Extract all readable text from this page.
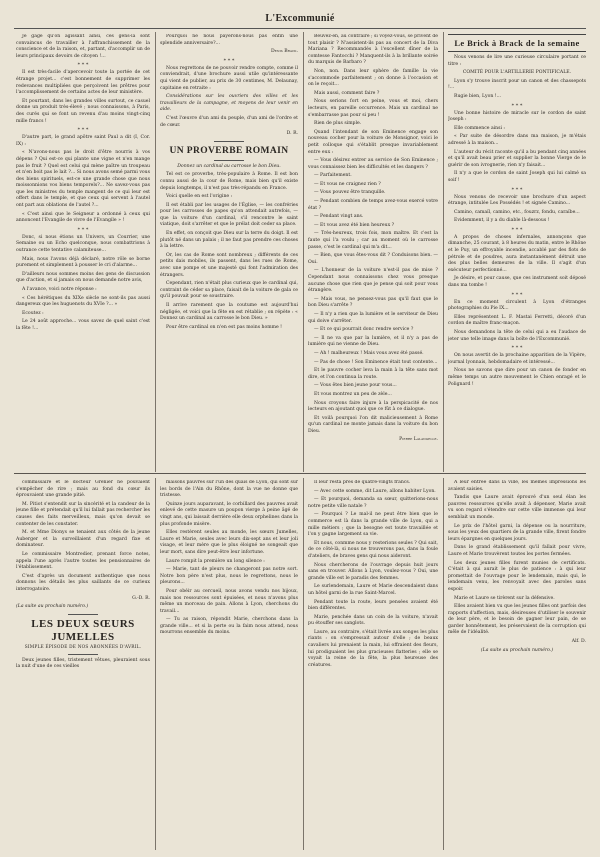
L'Excommunié

Je gage qu'on agissant ainsi, ces gens-là sont convaincus de travailler à l'affranchissement de la conscience et de la raison, et, partant, d'accomplir un de leurs principaux devoirs de citoyen !...

* * *

Il est très-facile d'apercevoir toute la portée de cet étrange projet... c'est bonnement de supprimer les redevances multipliées que perçoivent les prêtres pour l'accomplissement de certains actes de leur ministère.

Et pourtant, dans les grandes villes surtout, ce casuel donne un produit très-élevé ; nous connaissons, à Paris, des curés qui se font un revenu d'au moins vingt-cinq mille francs !

* * *

D'autre part, le grand apôtre saint Paul a dit (I, Cor. IX) :

« N'avons-nous pas le droit d'être nourris à vos dépens ? Qui est-ce qui plante une vigne et n'en mange pas le fruit ? Quel est celui qui mène paître un troupeau et n'en boit pas le lait ?... Si nous avons semé parmi vous des biens spirituels, est-ce une grande chose que nous moissonnions vos biens temporels?... Ne savez-vous pas que les ministres du temple mangent de ce qui leur est offert dans le temple, et que ceux qui servent à l'autel ont part aux oblations de l'autel ?...

« C'est ainsi que le Seigneur a ordonné à ceux qui annoncent l'Evangile de vivre de l'Evangile » !

* * *

Donc, si nous étions un Univers, un Courrier, une Semaine ou un Echo quelconque, nous combattrions à outrance cette tentative calamiteuse...

Mais, nous l'avons déjà déclaré, notre rôle se borne purement et simplement à pousser le cri d'alarme...

D'ailleurs nous sommes moins des gens de discussion que d'action, et si jamais on nous demande notre avis,

A l'avance, voici notre réponse :

« Ces hérétiques du XIXe siècle ne sont-ils pas aussi dangereux que les huguenots du XVIe ?... »

Ecoutez :

Le 24 août approche... vous savez de quel saint c'est la fête !...

Pourquoi ne nous payerons-nous pas enfin une splendide anniversaire?...

Denis Brack.

* * *

Nous regrettons de ne pouvoir rendre compte, comme il conviendrait, d'une brochure aussi utile qu'intéressante qui vient de publier, au prix de 30 centimes, M. Delaunay, capitaine en retraite :

Considérations sur les ouvriers des villes et les travailleurs de la campagne, et moyens de leur venir en aide.

C'est l'œuvre d'un ami du peuple, d'un ami de l'ordre et de cœur.

D. R.

UN PROVERBE ROMAIN

Donnez un cardinal au carrosse le bon Dieu.

Tel est ce proverbe, très-populaire à Rome. Il est bon connu aussi de la cour de Rome, mais bien qu'il existe depuis longtemps, il n'est pas très-répandu en France.

Voici quelle en est l'origine :

Il est établi par les usages de l'Église, — les confréries pour les carrosses de papes qu'on attendait autrefois, — que la voiture d'un cardinal, s'il rencontre le saint viatique, doit s'arrêter et que le prélat doit ceder sa place.

En effet, on conçoit que Dieu sur la terre du doigt. Il est plutôt né dans un palais ; il ne faut pas prendre ces choses à la lettre.

Or, les cas de Rome sont nombreux ; différents de ces petits dais mobiles, ils passent, dans les rues de Rome, avec une pompe et une majesté qui font l'admiration des étrangers.

Cependant, rien n'était plus curieux que le cardinal qui, contraint de céder sa place, faisait de la voiture de gala ce qu'il pouvait pour se soustraire.

Il arrive rarement que la coutume est aujourd'hui négligée, et voici que la fête en est rétablie ; on répète : « Donnez un cardinal au carrosse le bon Dieu. »

Pour être cardinal on n'en est pas moins homme !

Beuvez-en, au contraire ; si voyez-vous, se privent de tout plaisir ? N'assistent-ils pas au concert de la Diva Mariana ? Recommandés à l'excellent dîner de la comtesse Fantocchi ? Manquent-ils à la brillante soirée du marquis de Barbaro ?

Non, non. Dans leur sphère de famille la vie s'accommode parfaitement ; on donne à l'occasion et on le reçoit...

Mais aussi, comment faire ?

Nous serions fort en peine, vous et moi, chers lecteurs, en pareille occurrence. Mais un cardinal ne s'embarrasse pas pour si peu !

Rien de plus simple.

Quand l'intendant de son Eminence engage son nouveau cocher pour la voiture de Monsignor, voici le petit colloque qui s'établit presque invariablement entre eux :

— Vous désirez entrer au service de Son Eminence ; vous connaissez bien les difficultés et les dangers ?

— Parfaitement.

— Et vous ne craignez rien ?

— Vous pouvez être tranquille.

— Pendant combien de temps avez-vous exercé votre état ?

— Pendant vingt ans.

— Et vous avez été bien heureux ?

— Très-heureux, trois fois, mon maître. Et c'est la faute qui l'a voulu ; car au moment où le carrosse passe, c'est le cardinal qui m'a dit...

— Bien, que vous êtes-vous dit ? Conduisons bien. — Oui.

— L'honneur de la voiture n'est-il pas de mise ? Cependant nous connaissons chez vous presque aucune chose que rien que je pense qui soit pour vous étrangère.

— Mais vous, ne pensez-vous pas qu'il faut que le bon Dieu s'arrête ?

— Il n'y a rien que la lumière et le serviteur de Dieu qui doive s'arrêter.

— Et ce qui pourrait donc rendre service ?

— Il ne va que par la lumière, et il n'y a pas de lumière qui ne vienne de Dieu.

— Ah ! malheureux ! Mais vous avez été passé.

— Pas de chose ! Son Eminence était tout contente...

Et le pauvre cocher leva la main à la tête sans mot dire, et l'on continua la route.

— Vous êtes bien jeune pour vous...

Et vous montrez un peu de zèle...

Nous croyons faire injure à la perspicacité de nos lecteurs en ajoutant quoi que ce fût à ce dialogue.

Et voilà pourquoi l'on dit malicieusement à Rome qu'un cardinal ne monte jamais dans la voiture du bon Dieu.

Pierre Lalangelle.

Le Brick à Brack de la semaine

Nous venons de lire une curieuse circulaire portant ce titre :

COMITÉ POUR L'ARTILLERIE PONTIFICALE.

Lyon s'y trouve inscrit pour un canon et des chassepots !...

Rugie bien, Lyon !...

* * *

Une bonne histoire de miracle sur le cordon de saint Joseph :

Elle commence ainsi :

« Par suite de désordre dans ma maison, je m'étais adressé à la maison...

L'auteur du récit raconte qu'il a bu pendant cinq années et qu'il avait beau prier et supplier la bonne Vierge de le guérir de son ivrognerie, rien n'y faisait...

Il n'y a que le cordon de saint Joseph qui lui calmé sa soif !

* * *

Nous venons de recevoir une brochure d'un aspect étrange, intitulée Les Possédés ! et signée Camino...

Camino, camaïl, camino, etc., fouzrz, fondu, caraïbe...

Evidemment, il y a du diable là-dessous !

* * *

A propos de choses infernales, annonçons que dimanche, 25 courant, à 8 heures du matin, entre le Rhône et le Puy, un effroyable incendie, accablé par des flots de pétrole et de poudres, aura instantanément détruit une des plus belles demeures de la ville. Il s'agit d'un exécuteur perfectionné...

Je désire, et pour cause, que ces instrument soit déposé dans ma tombe !

* * *

En ce moment circulent à Lyon d'étranges photographies du Pie IX...

Elles représentent L. F. Mastai Ferretti, décoré d'un cordon de maître franc-maçon.

Nous demandons la tête de celui qui a eu l'audace de jeter une telle image dans la boîte de l'Excommunié.

* * *

On nous avertit de la prochaine apparition de la Vipère, journal lyonnais, hebdomadaire et intéressé...

Nous ne savons que dire pour un canon de fonder en même temps un autre mouvement le Chien enragé et le Polignard !

commissaire et le docteur Grenier ne pouvaient s'empêcher de rire ; mais au fond du cœur ils éprouvaient une grande pitié.

M. Pitiot s'entendit sur la sincérité et la candeur de la jeune fille et prétendait qu'il lui fallait pas rechercher les causes des faits merveilleux, mais qu'on devait se contenter de les constater.

M. et Mme Dionys se tenaient aux côtés de la jeune Auberger et la surveillaient d'un regard fixe et dominateur.

Le commissaire Montredier, prenant force notes, appela l'une après l'autre toutes les pensionnaires de l'établissement.

C'est d'après un document authentique que nous donnons les détails les plus saillants de ce curieux interrogatoire.

G.-D. R.

(La suite au prochain numéro.)

LES DEUX SŒURS JUMELLES
SIMPLE ÉPISODE DE NOS ABONNÉES D'AVRIL.

Deux jeunes filles, tristement vêtues, pleuraient sous la nuit d'une de ces vieilles

maisons pauvres sur l'un des quais de Lyon, qui sont sur les bords de l'Ain du Rhône, dont la vue ne donne que tristesse.

Quinze jours auparavant, le corbillard des pauvres avait enlevé de cette masure un poupon vierge à peine âgé de vingt ans, qui laissait derrière elle deux orphelines dans la plus profonde misère.

Elles restèrent seules au monde, les sœurs Jumelles, Laure et Marie, seules avec leurs dix-sept ans et leur joli visage, et leur mère que le plus éloigné ne songeait que leur mort, sans dire peut-être leur infortune.

Laure rompit la première un long silence :

— Marie, tant de pleurs ne changeront pas notre sort. Notre bon père n'est plus, nous le regrettons, nous le pleurons...

Pour obéir au cercueil, nous avons vendu nos bijoux, mais nos ressources sont épuisées, et nous n'avons plus même un morceau de pain. Allons à Lyon, cherchons du travail...

— Tu as raison, répondit Marie, cherchons dans la grande ville... et si la perte ou la faim nous attend, nous mourrons ensemble du moins.

Il leur resta près de quatre-vingts francs.

— Avec cette somme, dit Laure, allons habiter Lyon.

— Et pourquoi, demanda sa sœur, quitterions-nous notre petite ville natale ?

— Pourquoi ? Le mal-il ne peut être bien que le commerce est là dans la grande ville de Lyon, qui a mille métiers ; que la besogne est toute travaillée et l'on y gagne largement sa vie.

Et nous, conmme nous y resterions seules ? Qui sait, de ce côté-là, si nous ne trouverons pas, dans la foule d'ateliers, de braves gens qui nous aideront.

Nous chercherons de l'ouvrage depuis huit jours sans en trouver. Allons à Lyon, voulez-vous ? Oui, une grande ville est le paradis des femmes.

Le surlendemain, Laure et Marie descendaient dans un hôtel garni de la rue Saint-Marcel.

Pendant toute la route, leurs pensées avaient été bien différentes.

Marie, penchée dans un coin de la voiture, n'avait pu étouffer ses sanglots.

Laure, au contraire, s'était livrée aux songes les plus riants : on s'empressait autour d'elle ; de beaux cavaliers lui prenaient la main, lui offraient des fleurs, lui prodiguaient les plus gracieuses flatteries ; elle se voyait la reine de la fête, la plus heureuse des créatures.

A leur entrée dans la ville, les mêmes impressions les avaient saisies.

Tandis que Laure avait éprouvé d'un seul élan les pauvres ressources qu'elle avait à dépenser, Marie avait vu son regard s'étendre sur cette ville immense qui leur semblait un monde.

Le prix de l'hôtel garni, la dépense ou la nourriture, sous les yeux des quartiers de la grande ville, firent fondre leurs épargnes en quelques jours.

Dans le grand établissement qu'il fallait pour vivre, Laure et Marie trouvèrent toutes les portes fermées.

Les deux jeunes filles furent munies de certificats. C'était à qui aurait le plus de patience : à qui leur promettait de l'ouvrage pour le lendemain, mais qui, le lendemain venu, les renvoyait avec des paroles sans espoir.

Marie et Laure se tirèrent sur la défensive.

Elles avaient bien vu que les jeunes filles ont parfois des rapports d'affection, mais, désireuses d'utiliser le souvenir de leur père, et le besoin de gagner leur pain, de se garder honnêtement, les préservaient de la corruption qui mêle de l'idéalité.

Alf. D.

(La suite au prochain numéro.)
